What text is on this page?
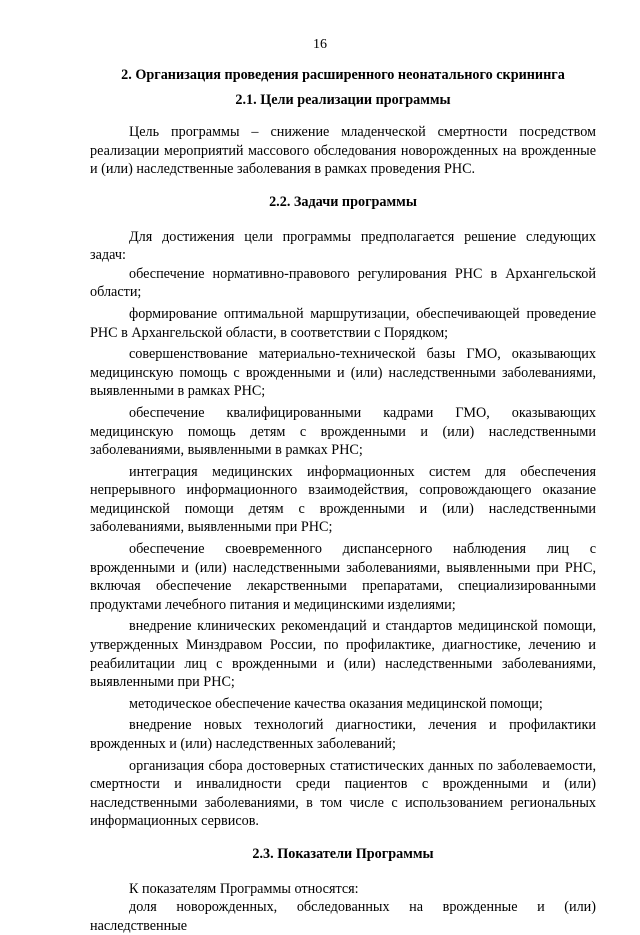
16

2. Организация проведения расширенного неонатального скрининга

2.1. Цели реализации программы

Цель программы – снижение младенческой смертности посредством реализации мероприятий массового обследования новорожденных на врожденные и (или) наследственные заболевания в рамках проведения РНС.

2.2. Задачи программы

Для достижения цели программы предполагается решение следующих задач:

обеспечение нормативно-правового регулирования РНС в Архангельской области;

формирование оптимальной маршрутизации, обеспечивающей проведение РНС в Архангельской области, в соответствии с Порядком;

совершенствование материально-технической базы ГМО, оказывающих медицинскую помощь с врожденными и (или) наследственными заболеваниями, выявленными в рамках РНС;

обеспечение квалифицированными кадрами ГМО, оказывающих медицинскую помощь детям с врожденными и (или) наследственными заболеваниями, выявленными в рамках РНС;

интеграция медицинских информационных систем для обеспечения непрерывного информационного взаимодействия, сопровождающего оказание медицинской помощи детям с врожденными и (или) наследственными заболеваниями, выявленными при РНС;

обеспечение своевременного диспансерного наблюдения лиц с врожденными и (или) наследственными заболеваниями, выявленными при РНС, включая обеспечение лекарственными препаратами, специализированными продуктами лечебного питания и медицинскими изделиями;

внедрение клинических рекомендаций и стандартов медицинской помощи, утвержденных Минздравом России, по профилактике, диагностике, лечению и реабилитации лиц с врожденными и (или) наследственными заболеваниями, выявленными при РНС;

методическое обеспечение качества оказания медицинской помощи;

внедрение новых технологий диагностики, лечения и профилактики врожденных и (или) наследственных заболеваний;

организация сбора достоверных статистических данных по заболеваемости, смертности и инвалидности среди пациентов с врожденными и (или) наследственными заболеваниями, в том числе с использованием региональных информационных сервисов.

2.3. Показатели Программы

К показателям Программы относятся:

доля новорожденных, обследованных на врожденные и (или) наследственные
